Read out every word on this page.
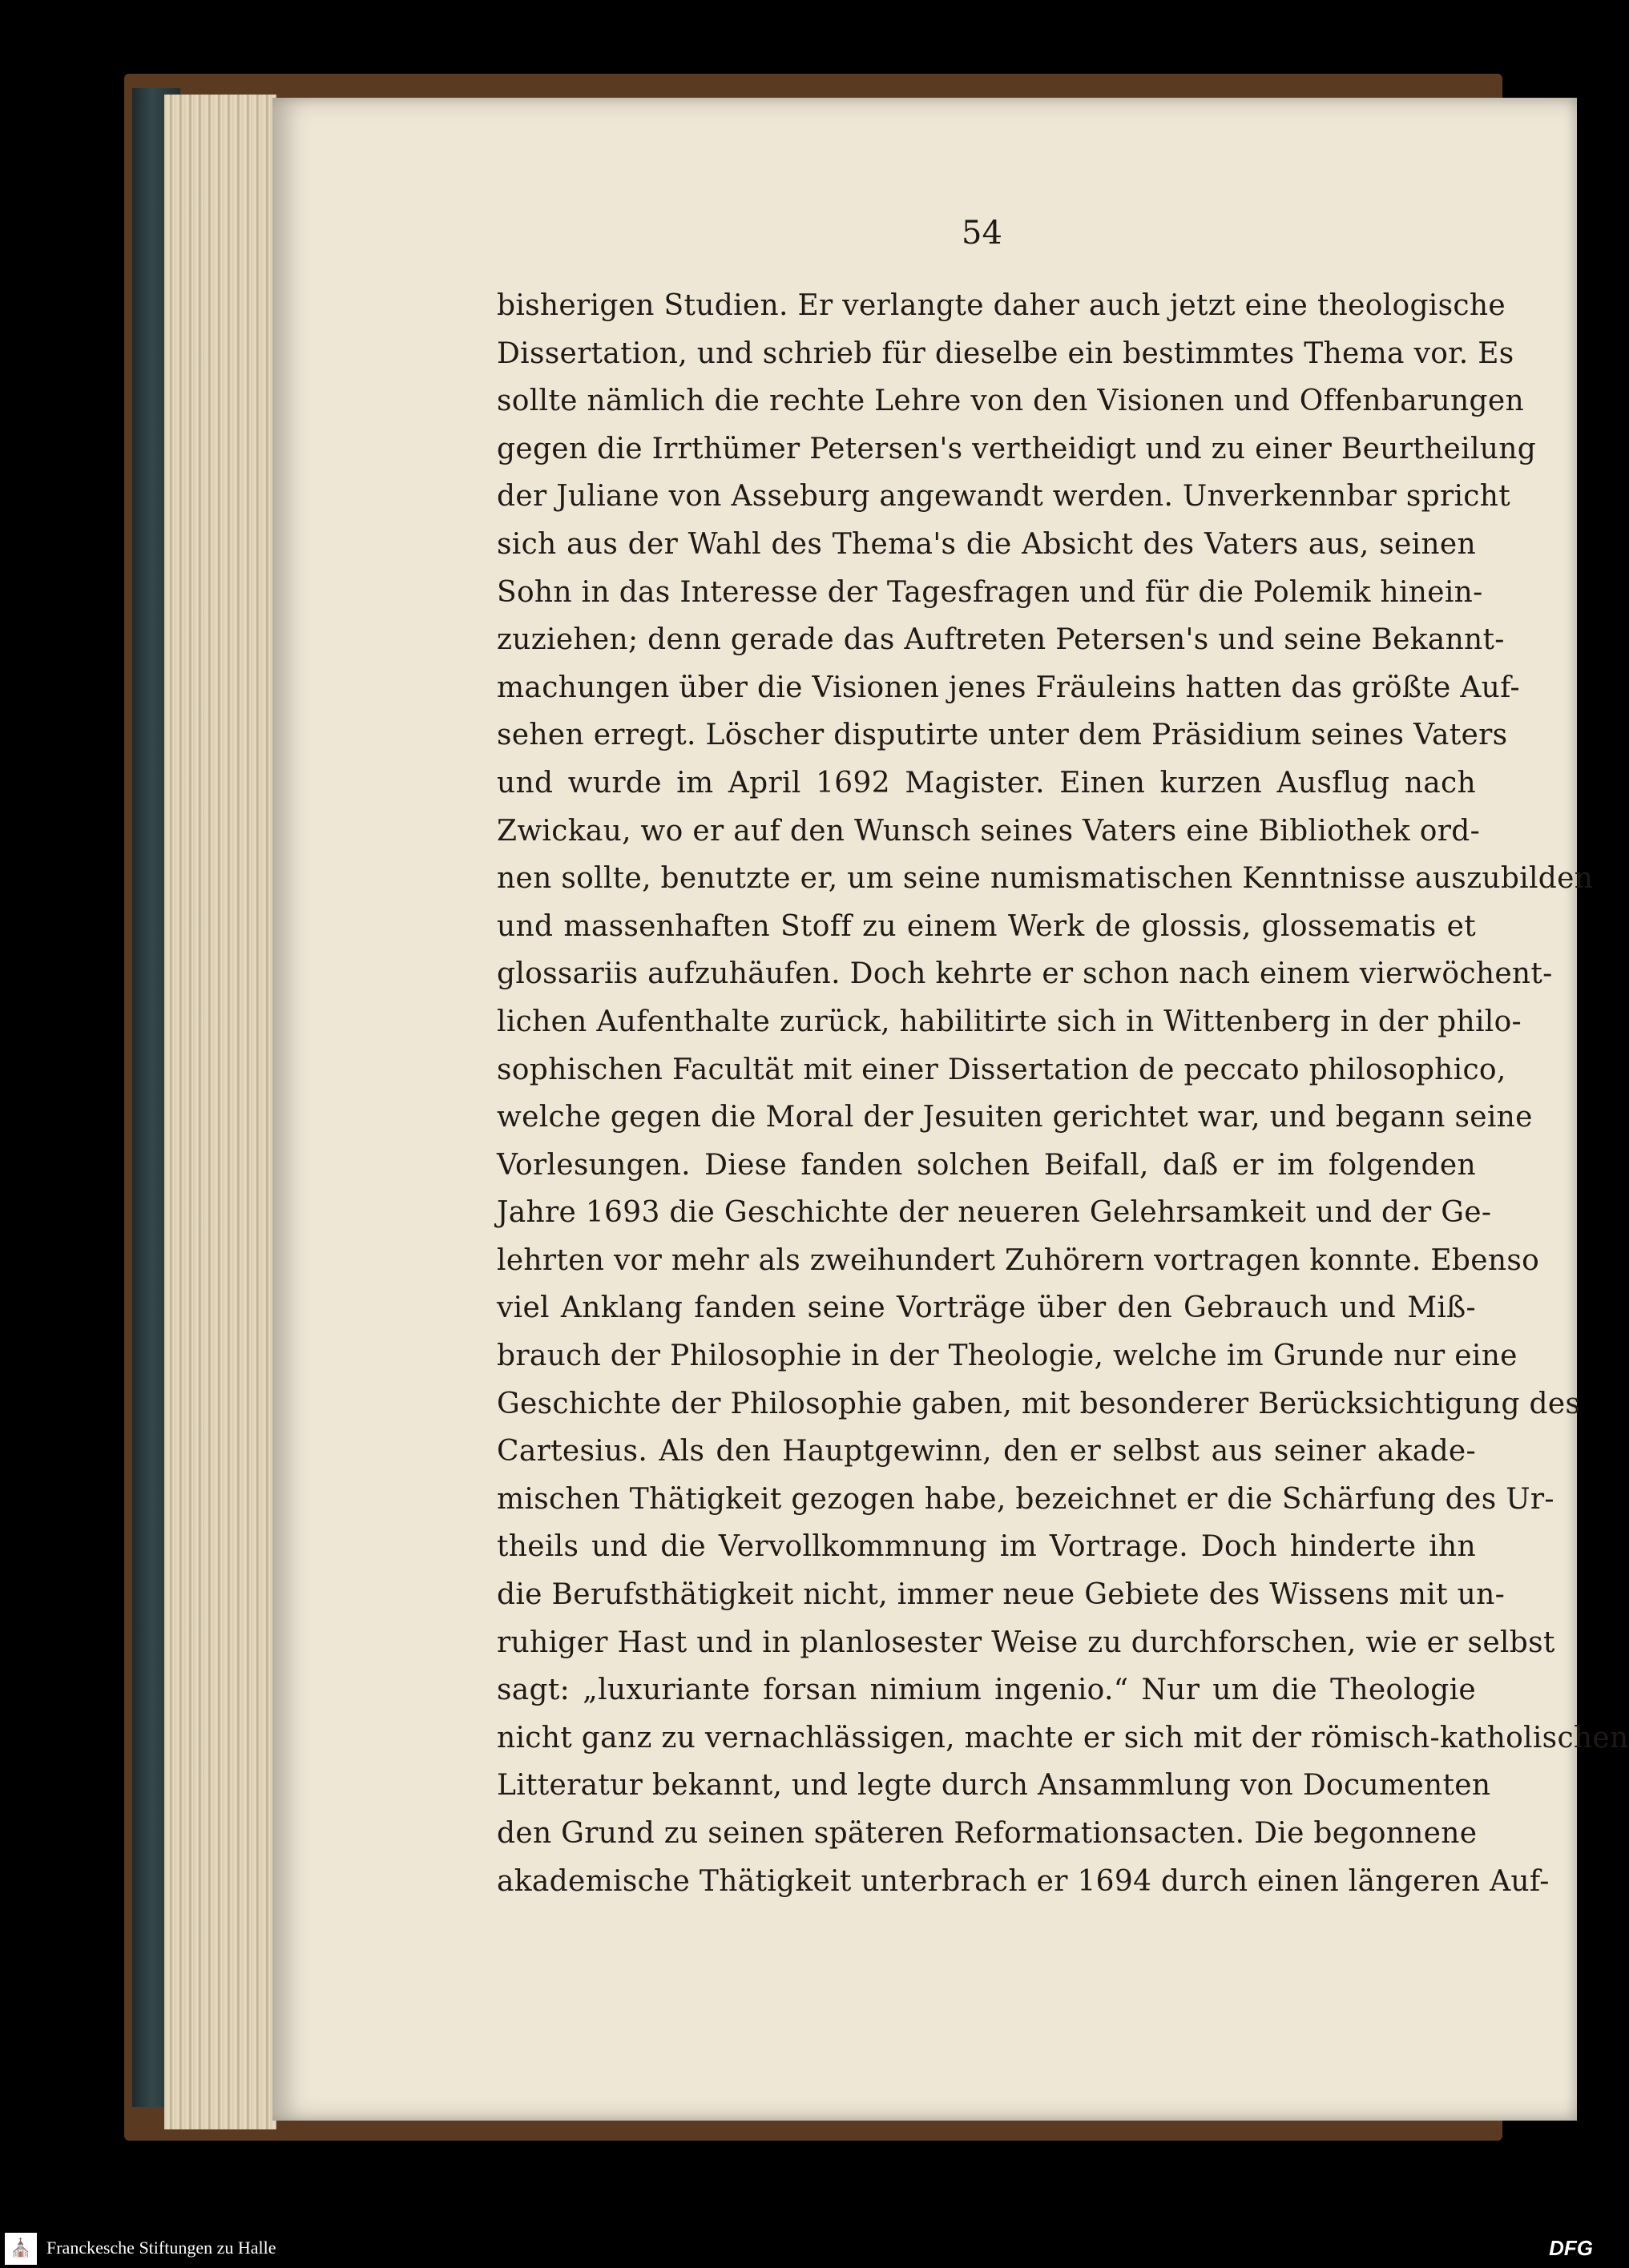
54
bisherigen Studien. Er verlangte daher auch jetzt eine theologische
Dissertation, und schrieb für dieselbe ein bestimmtes Thema vor. Es
sollte nämlich die rechte Lehre von den Visionen und Offenbarungen
gegen die Irrthümer Petersen's vertheidigt und zu einer Beurtheilung
der Juliane von Asseburg angewandt werden. Unverkennbar spricht
sich aus der Wahl des Thema's die Absicht des Vaters aus, seinen
Sohn in das Interesse der Tagesfragen und für die Polemik hinein-
zuziehen; denn gerade das Auftreten Petersen's und seine Bekannt-
machungen über die Visionen jenes Fräuleins hatten das größte Auf-
sehen erregt. Löscher disputirte unter dem Präsidium seines Vaters
und wurde im April 1692 Magister. Einen kurzen Ausflug nach
Zwickau, wo er auf den Wunsch seines Vaters eine Bibliothek ord-
nen sollte, benutzte er, um seine numismatischen Kenntnisse auszubilden
und massenhaften Stoff zu einem Werk de glossis, glossematis et
glossariis aufzuhäufen. Doch kehrte er schon nach einem vierwöchent-
lichen Aufenthalte zurück, habilitirte sich in Wittenberg in der philo-
sophischen Facultät mit einer Dissertation de peccato philosophico,
welche gegen die Moral der Jesuiten gerichtet war, und begann seine
Vorlesungen. Diese fanden solchen Beifall, daß er im folgenden
Jahre 1693 die Geschichte der neueren Gelehrsamkeit und der Ge-
lehrten vor mehr als zweihundert Zuhörern vortragen konnte. Ebenso
viel Anklang fanden seine Vorträge über den Gebrauch und Miß-
brauch der Philosophie in der Theologie, welche im Grunde nur eine
Geschichte der Philosophie gaben, mit besonderer Berücksichtigung des
Cartesius. Als den Hauptgewinn, den er selbst aus seiner akade-
mischen Thätigkeit gezogen habe, bezeichnet er die Schärfung des Ur-
theils und die Vervollkommnung im Vortrage. Doch hinderte ihn
die Berufsthätigkeit nicht, immer neue Gebiete des Wissens mit un-
ruhiger Hast und in planlosester Weise zu durchforschen, wie er selbst
sagt: „luxuriante forsan nimium ingenio.“ Nur um die Theologie
nicht ganz zu vernachlässigen, machte er sich mit der römisch-katholischen
Litteratur bekannt, und legte durch Ansammlung von Documenten
den Grund zu seinen späteren Reformationsacten. Die begonnene
akademische Thätigkeit unterbrach er 1694 durch einen längeren Auf-
⛪ Franckesche Stiftungen zu Halle	DFG
